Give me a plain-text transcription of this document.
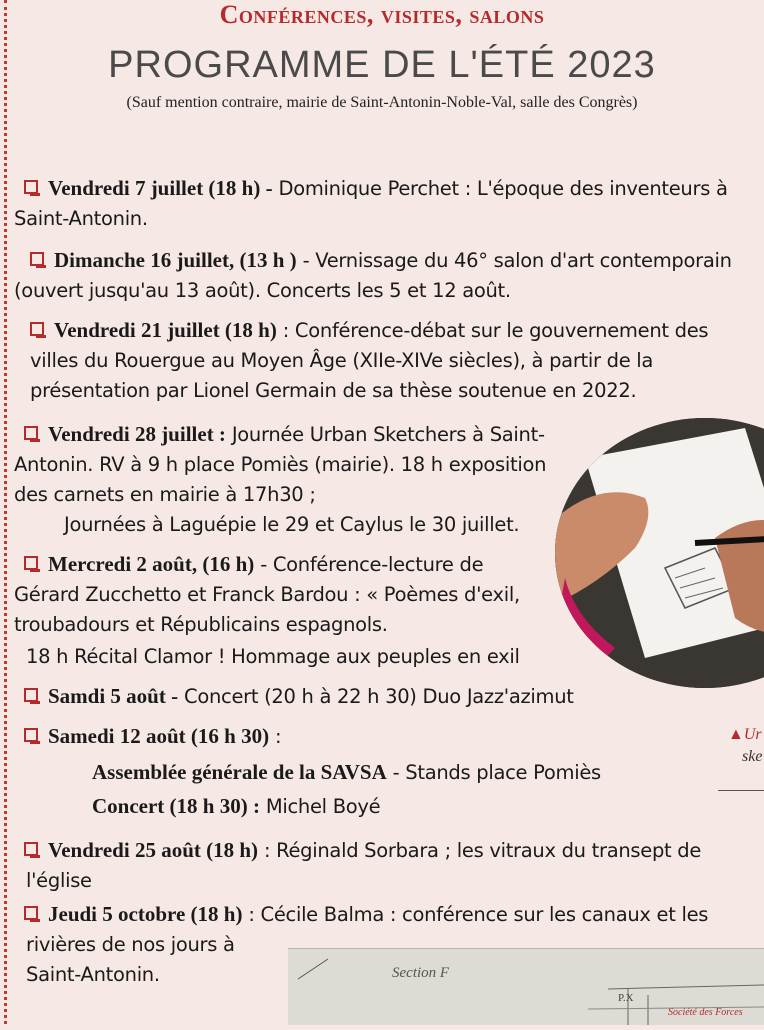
Conférences, visites, salons
PROGRAMME DE L'ÉTÉ 2023
(Sauf mention contraire, mairie de Saint-Antonin-Noble-Val, salle des Congrès)
Vendredi 7 juillet (18 h) - Dominique Perchet : L'époque des inventeurs à
Saint-Antonin.
Dimanche 16 juillet, (13 h ) - Vernissage du 46° salon d'art contemporain
(ouvert jusqu'au 13 août). Concerts les 5 et 12 août.
Vendredi 21 juillet (18 h) : Conférence-débat sur le gouvernement des
villes du Rouergue au Moyen Âge (XIIe-XIVe siècles), à partir de la
présentation par Lionel Germain de sa thèse soutenue en 2022.
Vendredi 28 juillet : Journée Urban Sketchers à Saint-
Antonin. RV à 9 h place Pomiès (mairie). 18 h exposition
des carnets en mairie à 17h30 ;
Journées à Laguépie le 29 et Caylus le 30 juillet.
Mercredi 2 août, (16 h) - Conférence-lecture de
Gérard Zucchetto et Franck Bardou : « Poèmes d'exil,
troubadours et Républicains espagnols.
18 h Récital Clamor ! Hommage aux peuples en exil
Samdi 5 août - Concert (20 h à 22 h 30) Duo Jazz'azimut
Samedi 12 août (16 h 30) :
Assemblée générale de la SAVSA - Stands place Pomiès
Concert (18 h 30) : Michel Boyé
▲Ur
ske
Vendredi 25 août (18 h) : Réginald Sorbara ; les vitraux du transept de
l'église
Jeudi 5 octobre (18 h) : Cécile Balma : conférence sur les canaux et les
rivières de nos jours à
Saint-Antonin.	Section F
P.X
Société des Forces
